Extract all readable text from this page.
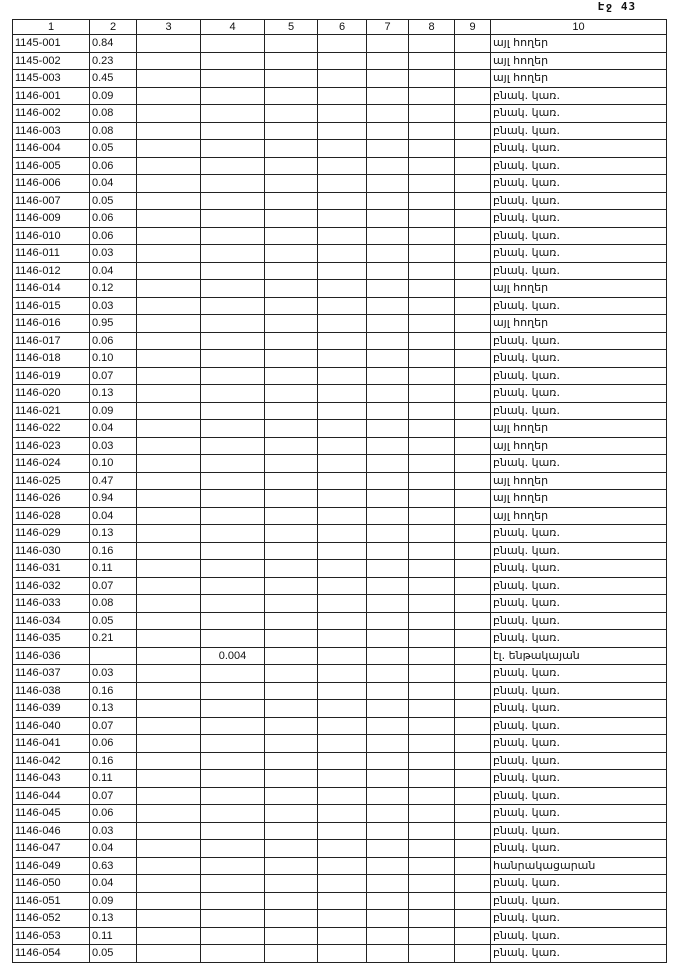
Էջ 43
1	2	3	4	5	6	7	8	9	10
1145-001	0.84								այլ հողեր
1145-002	0.23								այլ հողեր
1145-003	0.45								այլ հողեր
1146-001	0.09								բնակ. կառ.
1146-002	0.08								բնակ. կառ.
1146-003	0.08								բնակ. կառ.
1146-004	0.05								բնակ. կառ.
1146-005	0.06								բնակ. կառ.
1146-006	0.04								բնակ. կառ.
1146-007	0.05								բնակ. կառ.
1146-009	0.06								բնակ. կառ.
1146-010	0.06								բնակ. կառ.
1146-011	0.03								բնակ. կառ.
1146-012	0.04								բնակ. կառ.
1146-014	0.12								այլ հողեր
1146-015	0.03								բնակ. կառ.
1146-016	0.95								այլ հողեր
1146-017	0.06								բնակ. կառ.
1146-018	0.10								բնակ. կառ.
1146-019	0.07								բնակ. կառ.
1146-020	0.13								բնակ. կառ.
1146-021	0.09								բնակ. կառ.
1146-022	0.04								այլ հողեր
1146-023	0.03								այլ հողեր
1146-024	0.10								բնակ. կառ.
1146-025	0.47								այլ հողեր
1146-026	0.94								այլ հողեր
1146-028	0.04								այլ հողեր
1146-029	0.13								բնակ. կառ.
1146-030	0.16								բնակ. կառ.
1146-031	0.11								բնակ. կառ.
1146-032	0.07								բնակ. կառ.
1146-033	0.08								բնակ. կառ.
1146-034	0.05								բնակ. կառ.
1146-035	0.21								բնակ. կառ.
1146-036			0.004						էլ. ենթակայան
1146-037	0.03								բնակ. կառ.
1146-038	0.16								բնակ. կառ.
1146-039	0.13								բնակ. կառ.
1146-040	0.07								բնակ. կառ.
1146-041	0.06								բնակ. կառ.
1146-042	0.16								բնակ. կառ.
1146-043	0.11								բնակ. կառ.
1146-044	0.07								բնակ. կառ.
1146-045	0.06								բնակ. կառ.
1146-046	0.03								բնակ. կառ.
1146-047	0.04								բնակ. կառ.
1146-049	0.63								հանրակացարան
1146-050	0.04								բնակ. կառ.
1146-051	0.09								բնակ. կառ.
1146-052	0.13								բնակ. կառ.
1146-053	0.11								բնակ. կառ.
1146-054	0.05								բնակ. կառ.
